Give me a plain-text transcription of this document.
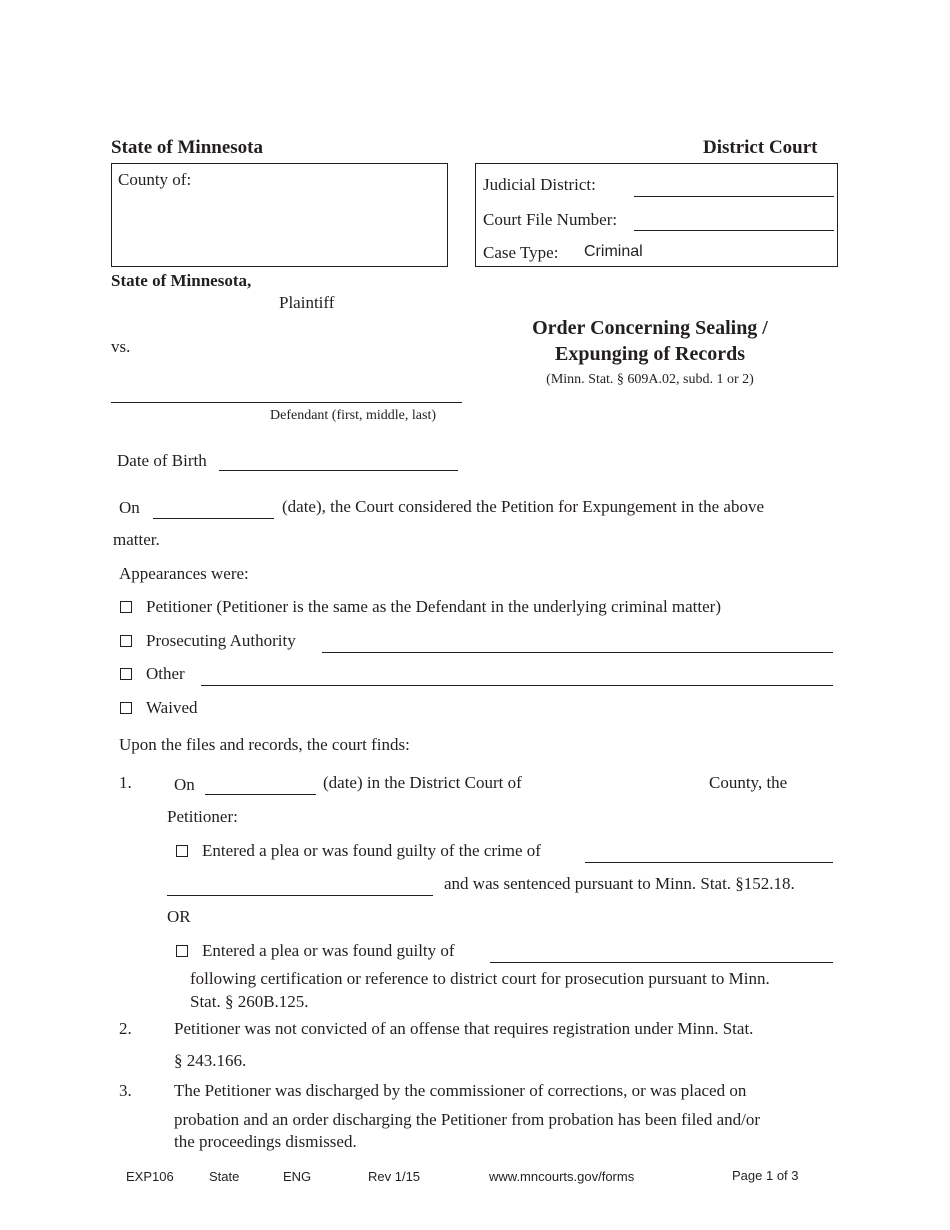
State of Minnesota	District Court
County of:	Judicial District:
Court File Number:
Case Type: Criminal
State of Minnesota,
Plaintiff
vs.
Defendant (first, middle, last)
Order Concerning Sealing /
Expunging of Records
(Minn. Stat. § 609A.02, subd. 1 or 2)
Date of Birth
On	(date), the Court considered the Petition for Expungement in the above
matter.
Appearances were:
Petitioner (Petitioner is the same as the Defendant in the underlying criminal matter)
Prosecuting Authority
Other
Waived
Upon the files and records, the court finds:
1. On	(date) in the District Court of	County, the
Petitioner:
Entered a plea or was found guilty of the crime of
and was sentenced pursuant to Minn. Stat. §152.18.
OR
Entered a plea or was found guilty of
following certification or reference to district court for prosecution pursuant to Minn.
Stat. § 260B.125.
2. Petitioner was not convicted of an offense that requires registration under Minn. Stat.
§ 243.166.
3. The Petitioner was discharged by the commissioner of corrections, or was placed on
probation and an order discharging the Petitioner from probation has been filed and/or
the proceedings dismissed.
EXP106	State	ENG	Rev 1/15	www.mncourts.gov/forms	Page 1 of 3
